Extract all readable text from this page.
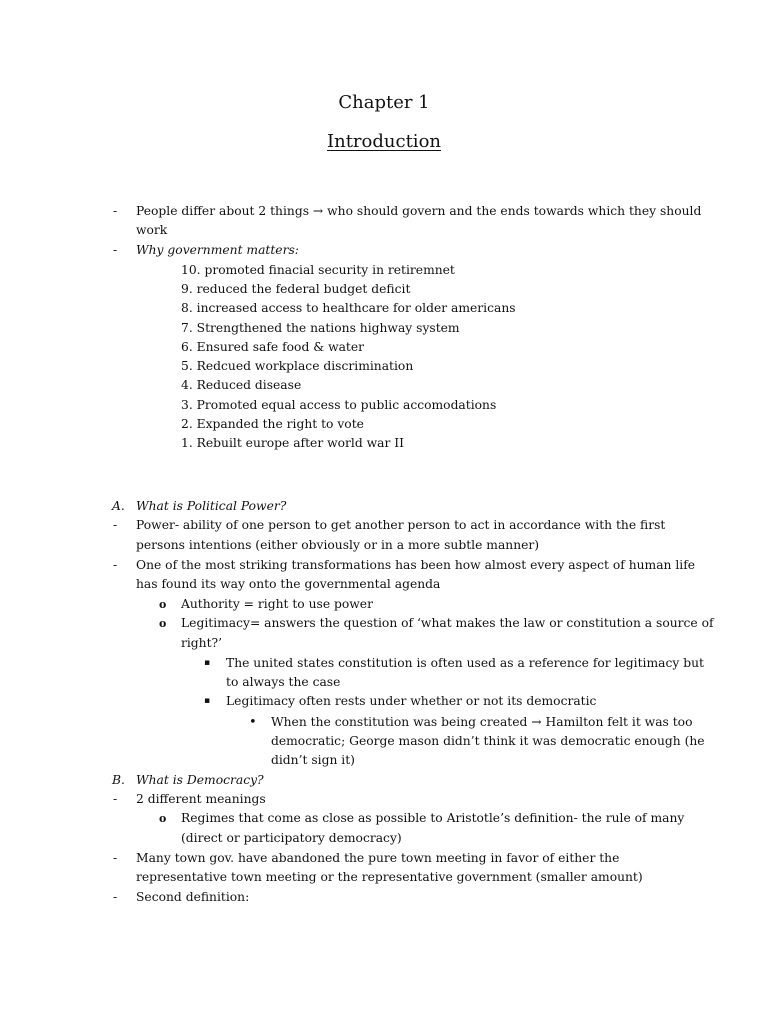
Chapter 1
Introduction
- People differ about 2 things → who should govern and the ends towards which they should
work
- Why government matters:
10. promoted finacial security in retiremnet
9. reduced the federal budget deficit
8. increased access to healthcare for older americans
7. Strengthened the nations highway system
6. Ensured safe food & water
5. Redcued workplace discrimination
4. Reduced disease
3. Promoted equal access to public accomodations
2. Expanded the right to vote
1. Rebuilt europe after world war II
A. What is Political Power?
- Power- ability of one person to get another person to act in accordance with the first
persons intentions (either obviously or in a more subtle manner)
- One of the most striking transformations has been how almost every aspect of human life
has found its way onto the governmental agenda
o Authority = right to use power
o Legitimacy= answers the question of ‘what makes the law or constitution a source of
right?’
▪ The united states constitution is often used as a reference for legitimacy but
to always the case
▪ Legitimacy often rests under whether or not its democratic
• When the constitution was being created → Hamilton felt it was too
democratic; George mason didn’t think it was democratic enough (he
didn’t sign it)
B. What is Democracy?
- 2 different meanings
o Regimes that come as close as possible to Aristotle’s definition- the rule of many
(direct or participatory democracy)
- Many town gov. have abandoned the pure town meeting in favor of either the
representative town meeting or the representative government (smaller amount)
- Second definition:
